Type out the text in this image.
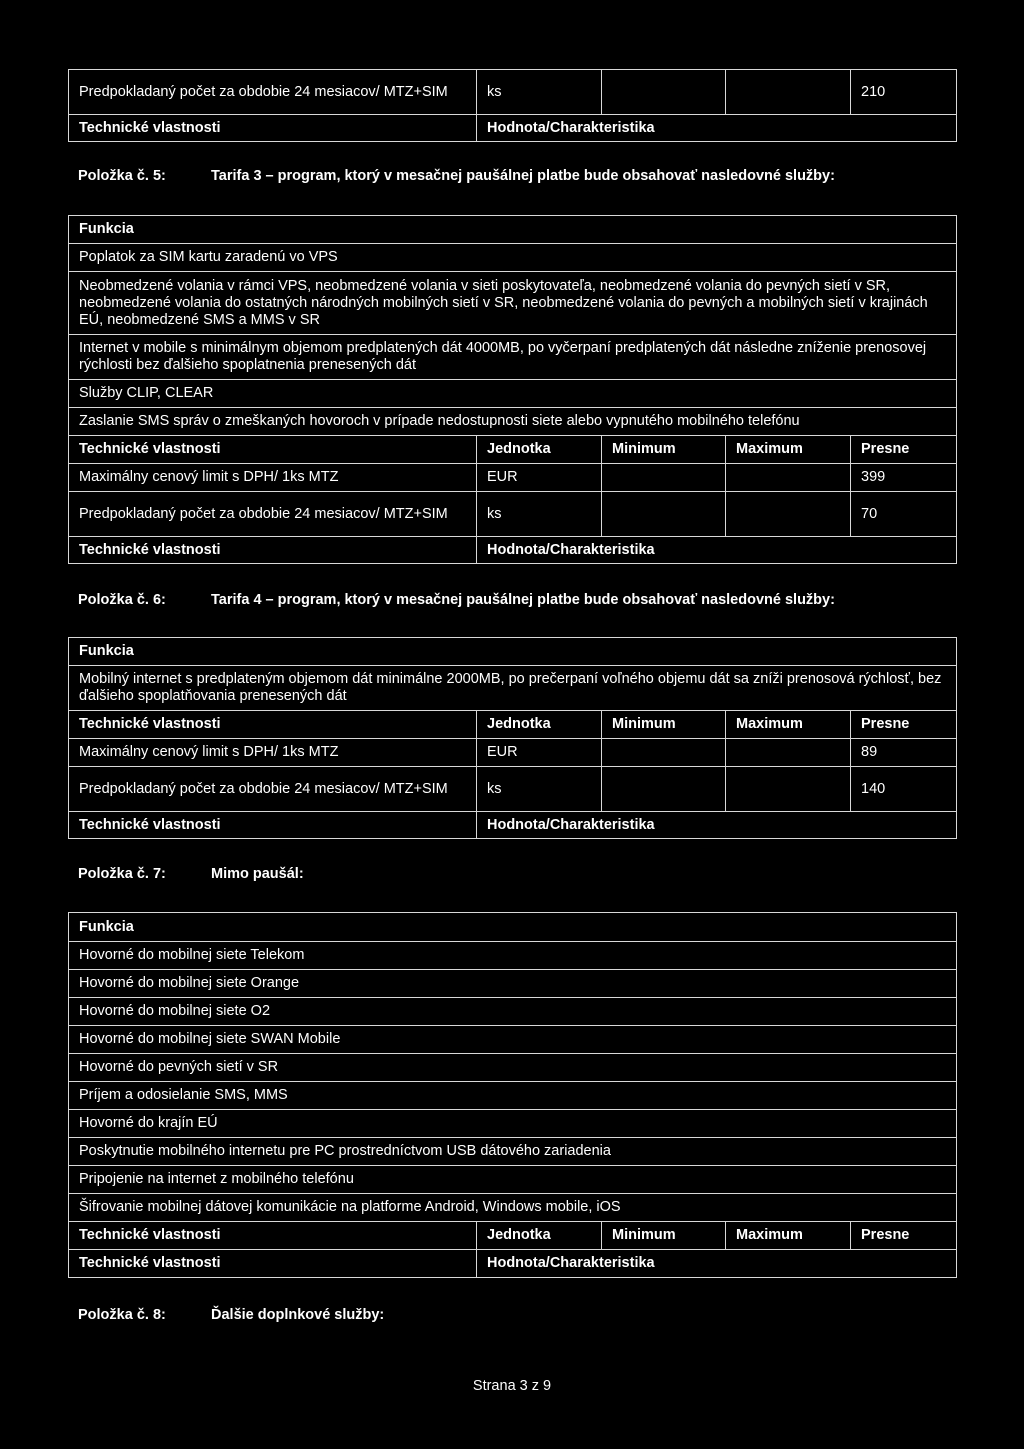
Predpokladaný počet za obdobie 24 mesiacov/ MTZ+SIM	ks			210
Technické vlastnosti	Hodnota/Charakteristika			
Položka č. 5:	Tarifa 3 – program, ktorý v mesačnej paušálnej platbe bude obsahovať nasledovné služby:
Funkcia				
Poplatok za SIM kartu zaradenú vo VPS				
Neobmedzené volania v rámci VPS, neobmedzené volania v sieti poskytovateľa, neobmedzené volania do pevných sietí v SR, neobmedzené volania do ostatných národných mobilných sietí v SR, neobmedzené volania do pevných a mobilných sietí v krajinách EÚ, neobmedzené SMS a MMS v SR				
Internet v mobile s minimálnym objemom predplatených dát 4000MB, po vyčerpaní predplatených dát následne zníženie prenosovej rýchlosti bez ďalšieho spoplatnenia prenesených dát				
Služby CLIP, CLEAR				
Zaslanie SMS správ o zmeškaných hovoroch v prípade nedostupnosti siete alebo vypnutého mobilného telefónu				
Technické vlastnosti	Jednotka	Minimum	Maximum	Presne
Maximálny cenový limit s DPH/ 1ks MTZ	EUR			399
Predpokladaný počet za obdobie 24 mesiacov/ MTZ+SIM	ks			70
Technické vlastnosti	Hodnota/Charakteristika			
Položka č. 6:	Tarifa 4 – program, ktorý v mesačnej paušálnej platbe bude obsahovať nasledovné služby:
Funkcia				
Mobilný internet s predplateným objemom dát minimálne 2000MB, po prečerpaní voľného objemu dát sa zníži prenosová rýchlosť, bez ďalšieho spoplatňovania prenesených dát				
Technické vlastnosti	Jednotka	Minimum	Maximum	Presne
Maximálny cenový limit s DPH/ 1ks MTZ	EUR			89
Predpokladaný počet za obdobie 24 mesiacov/ MTZ+SIM	ks			140
Technické vlastnosti	Hodnota/Charakteristika			
Položka č. 7:	Mimo paušál:
Funkcia				
Hovorné do mobilnej siete Telekom				
Hovorné do mobilnej siete Orange				
Hovorné do mobilnej siete O2				
Hovorné do mobilnej siete SWAN Mobile				
Hovorné do pevných sietí v SR				
Príjem a odosielanie SMS, MMS				
Hovorné do krajín EÚ				
Poskytnutie mobilného internetu pre PC prostredníctvom USB dátového zariadenia				
Pripojenie na internet z mobilného telefónu				
Šifrovanie mobilnej dátovej komunikácie na platforme Android, Windows mobile, iOS				
Technické vlastnosti	Jednotka	Minimum	Maximum	Presne
Technické vlastnosti	Hodnota/Charakteristika			
Položka č. 8:	Ďalšie doplnkové služby:
Strana 3 z 9
